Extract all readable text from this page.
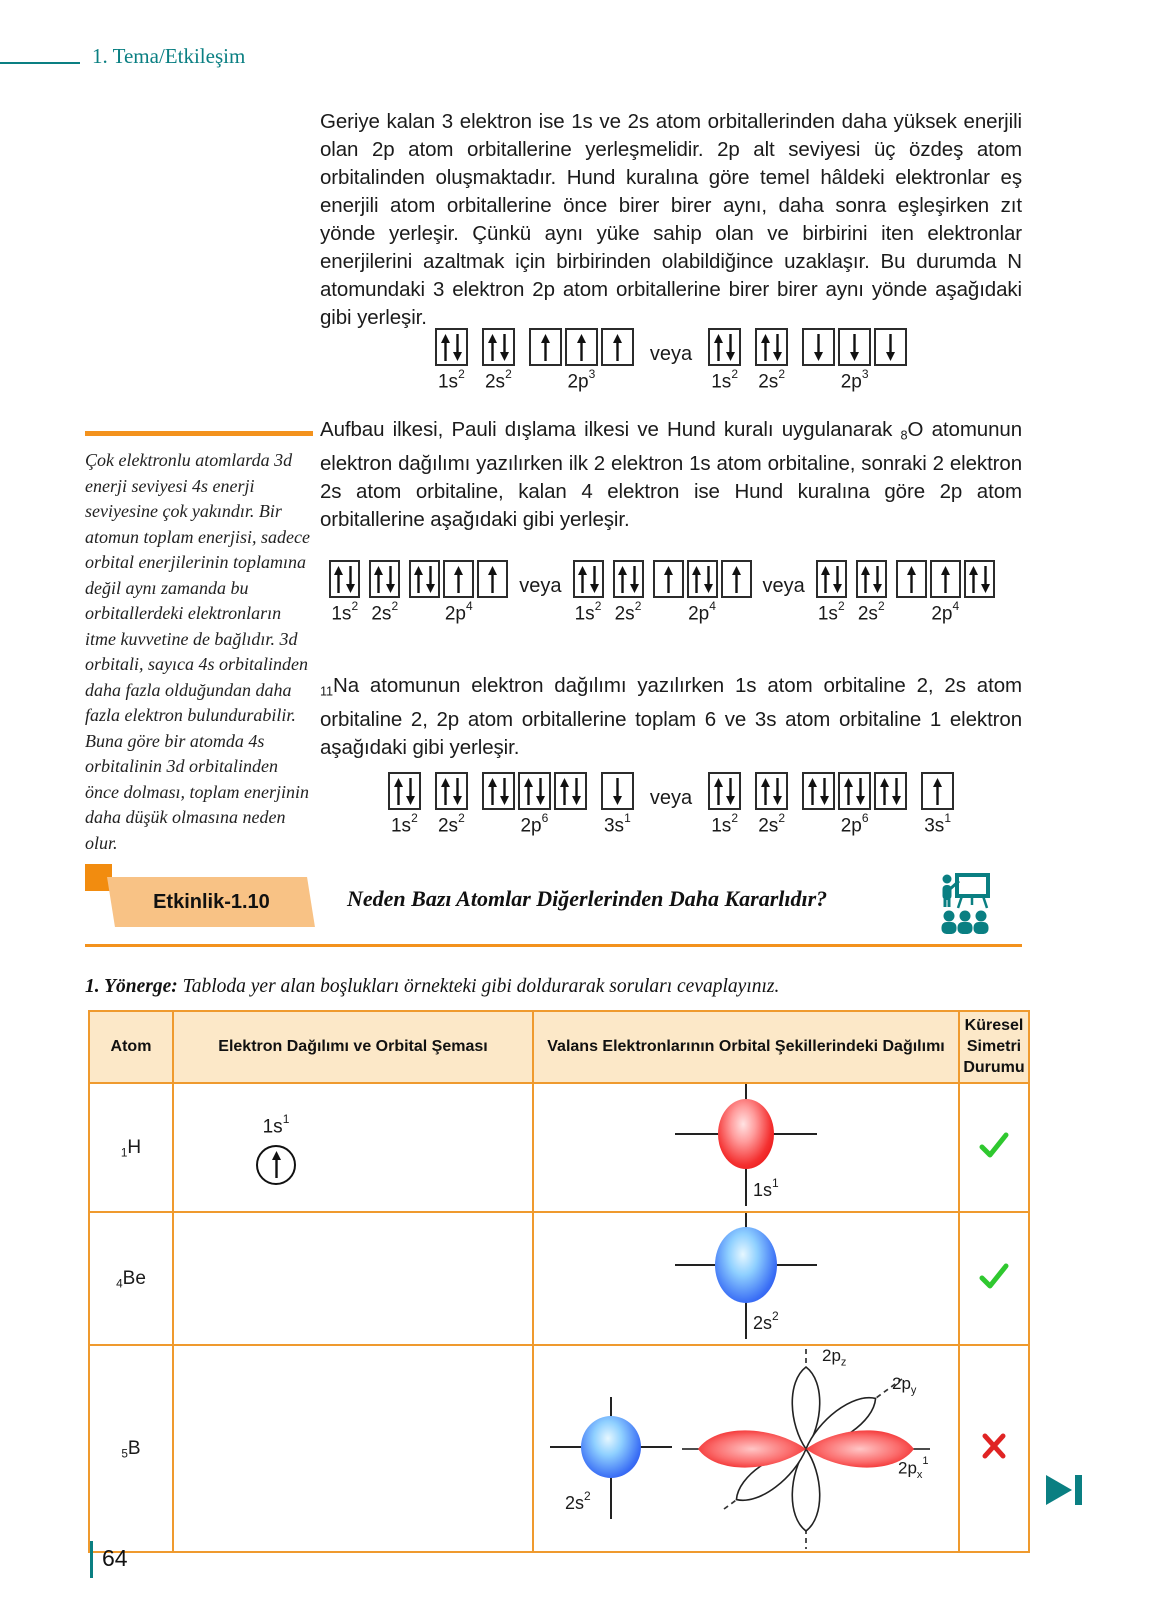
1. Tema/Etkileşim

Geriye kalan 3 elektron ise 1s ve 2s atom orbitallerinden daha yüksek enerjili olan 2p atom orbitallerine yerleşmelidir. 2p alt seviyesi üç özdeş atom orbitalinden oluşmaktadır. Hund kuralına göre temel hâldeki elektronlar eş enerjili atom orbitallerine önce birer birer aynı, daha sonra eşleşirken zıt yönde yerleşir. Çünkü aynı yüke sahip olan ve birbirini iten elektronlar enerjilerini azaltmak için birbirinden olabildiğince uzaklaşır. Bu durumda N atomundaki 3 elektron 2p atom orbitallerine birer birer aynı yönde aşağıdaki gibi yerleşir.

$1s^2$ $2s^2$	$2p^3$
veya
$1s^2$ $2s^2$	$2p^3$

Çok elektronlu atomlarda 3d enerji seviyesi 4s enerji seviyesine çok yakındır. Bir atomun toplam enerjisi, sadece orbital enerjilerinin toplamına değil aynı zamanda bu orbitallerdeki elektronların itme kuvvetine de bağlıdır. 3d orbitali, sayıca 4s orbitalinden daha fazla olduğundan daha fazla elektron bulundurabilir. Buna göre bir atomda 4s orbitalinin 3d orbitalinden önce dolması, toplam enerjinin daha düşük olmasına neden olur.

Aufbau ilkesi, Pauli dışlama ilkesi ve Hund kuralı uygulanarak 8O atomunun elektron dağılımı yazılırken ilk 2 elektron 1s atom orbitaline, sonraki 2 elektron 2s atom orbitaline, kalan 4 elektron ise Hund kuralına göre 2p atom orbitallerine aşağıdaki gibi yerleşir.

$1s^2$ $2s^2$ $2p^4$
veya
$1s^2$ $2s^2$ $2p^4$
veya
$1s^2$ $2s^2$ $2p^4$

11Na atomunun elektron dağılımı yazılırken 1s atom orbitaline 2, 2s atom orbitaline 2, 2p atom orbitallerine toplam 6 ve 3s atom orbitaline 1 elektron aşağıdaki gibi yerleşir.

$1s^2$ $2s^2$	$2p^6$	$3s^1$
veya
$1s^2$ $2s^2$	$2p^6$	$3s^1$
Etkinlik-1.10	Neden Bazı Atomlar Diğerlerinden Daha Kararlıdır?

1. Yönerge: Tabloda yer alan boşlukları örnekteki gibi doldurarak soruları cevaplayınız.

Atom	Elektron Dağılımı ve Orbital Şeması	Valans Elektronlarının Orbital Şekillerindeki Dağılımı	Küresel Simetri Durumu
1H	$1s^1$	$1s^1$

4Be		$2s^2$

5B		$2s^2$
$2p_z$
$2p_y$
$2p_x^1$

64
